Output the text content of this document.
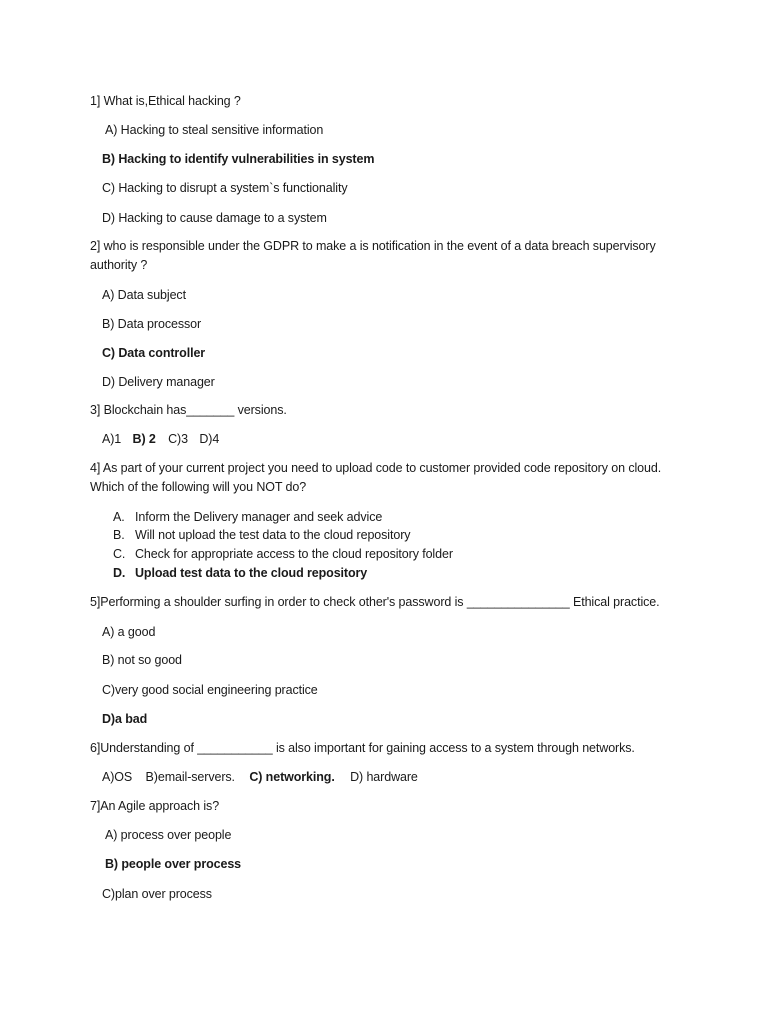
1] What is,Ethical hacking ?
A) Hacking to steal sensitive information
B) Hacking to identify vulnerabilities in system
C) Hacking to disrupt a system`s functionality
D) Hacking to cause damage to a system
2] who is responsible under the GDPR to make a is notification in the event of a data breach supervisory authority ?
A) Data subject
B) Data processor
C) Data controller
D) Delivery manager
3] Blockchain has_______ versions.
A)1 B) 2 C)3 D)4
4] As part of your current project you need to upload code to customer provided code repository on cloud. Which of the following will you NOT do?
A. Inform the Delivery manager and seek advice
B. Will not upload the test data to the cloud repository
C. Check for appropriate access to the cloud repository folder
D. Upload test data to the cloud repository
5]Performing a shoulder surfing in order to check other's password is _______________ Ethical practice.
A) a good
B) not so good
C)very good social engineering practice
D)a bad
6]Understanding of ___________ is also important for gaining access to a system through networks.
A)OS B)email-servers. C) networking. D) hardware
7]An Agile approach is?
A) process over people
B) people over process
C)plan over process
